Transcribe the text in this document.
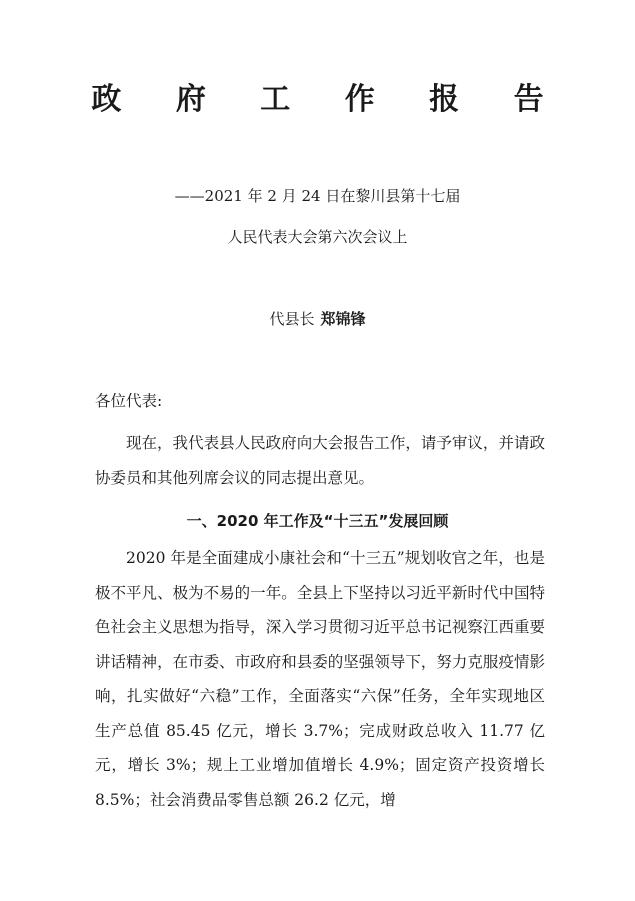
政 府 工 作 报 告
——2021 年 2 月 24 日在黎川县第十七届
人民代表大会第六次会议上
代县长 郑锦锋
各位代表:

现在，我代表县人民政府向大会报告工作，请予审议，并请政协委员和其他列席会议的同志提出意见。

一、2020 年工作及“十三五”发展回顾

2020 年是全面建成小康社会和“十三五”规划收官之年，也是极不平凡、极为不易的一年。全县上下坚持以习近平新时代中国特色社会主义思想为指导，深入学习贯彻习近平总书记视察江西重要讲话精神，在市委、市政府和县委的坚强领导下，努力克服疫情影响，扎实做好“六稳”工作，全面落实“六保”任务，全年实现地区生产总值 85.45 亿元，增长 3.7%；完成财政总收入 11.77 亿元，增长 3%；规上工业增加值增长 4.9%；固定资产投资增长 8.5%；社会消费品零售总额 26.2 亿元，增
